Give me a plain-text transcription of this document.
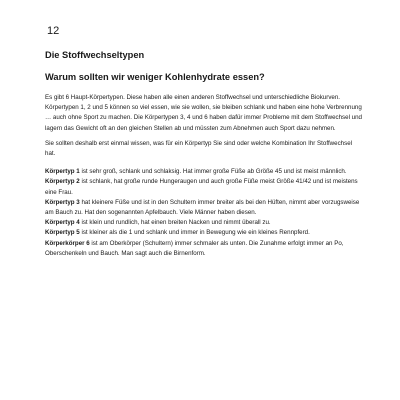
12
Die Stoffwechseltypen
Warum sollten wir weniger Kohlenhydrate essen?

Es gibt 6 Haupt-Körpertypen. Diese haben alle einen anderen Stoffwechsel und unterschiedliche Biokurven. Körpertypen 1, 2 und 5 können so viel essen, wie sie wollen, sie bleiben schlank und haben eine hohe Verbrennung … auch ohne Sport zu machen. Die Körpertypen 3, 4 und 6 haben dafür immer Probleme mit dem Stoffwechsel und lagern das Gewicht oft an den gleichen Stellen ab und müssten zum Abnehmen auch Sport dazu nehmen.

Sie sollten deshalb erst einmal wissen, was für ein Körpertyp Sie sind oder welche Kombination Ihr Stoffwechsel hat.

Körpertyp 1 ist sehr groß, schlank und schlaksig. Hat immer große Füße ab Größe 45 und ist meist männlich.
Körpertyp 2 ist schlank, hat große runde Hungeraugen und auch große Füße meist Größe 41/42 und ist meistens eine Frau.
Körpertyp 3 hat kleinere Füße und ist in den Schultern immer breiter als bei den Hüften, nimmt aber vorzugsweise am Bauch zu. Hat den sogenannten Apfelbauch. Viele Männer haben diesen.
Körpertyp 4 ist klein und rundlich, hat einen breiten Nacken und nimmt überall zu.
Körpertyp 5 ist kleiner als die 1 und schlank und immer in Bewegung wie ein kleines Rennpferd.
Körperkörper 6 ist am Oberkörper (Schultern) immer schmaler als unten. Die Zunahme erfolgt immer an Po, Oberschenkeln und Bauch. Man sagt auch die Birnenform.
